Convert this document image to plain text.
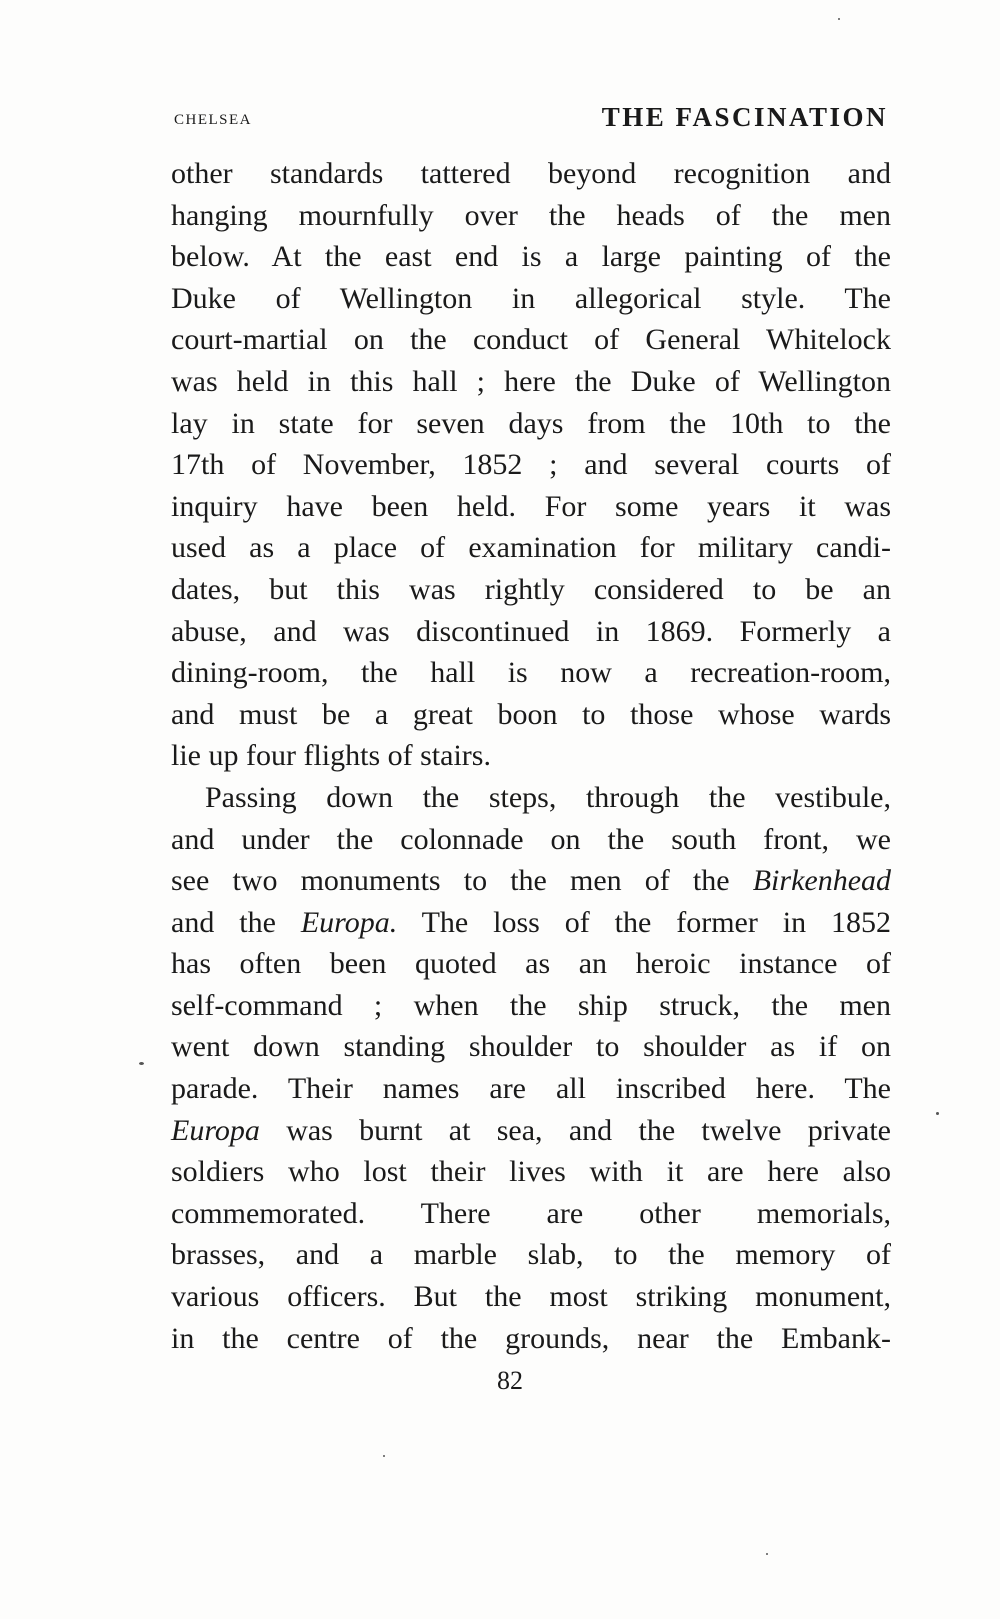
CHELSEA	THE FASCINATION
other standards tattered beyond recognition and
hanging mournfully over the heads of the men
below. At the east end is a large painting of the
Duke of Wellington in allegorical style. The
court-martial on the conduct of General Whitelock
was held in this hall ; here the Duke of Wellington
lay in state for seven days from the 10th to the
17th of November, 1852 ; and several courts of
inquiry have been held. For some years it was
used as a place of examination for military candi-
dates, but this was rightly considered to be an
abuse, and was discontinued in 1869. Formerly a
dining-room, the hall is now a recreation-room,
and must be a great boon to those whose wards
lie up four flights of stairs.
Passing down the steps, through the vestibule,
and under the colonnade on the south front, we
see two monuments to the men of the Birkenhead
and the Europa. The loss of the former in 1852
has often been quoted as an heroic instance of
self-command ; when the ship struck, the men
went down standing shoulder to shoulder as if on
parade. Their names are all inscribed here. The
Europa was burnt at sea, and the twelve private
soldiers who lost their lives with it are here also
commemorated. There are other memorials,
brasses, and a marble slab, to the memory of
various officers. But the most striking monument,
in the centre of the grounds, near the Embank-
82
